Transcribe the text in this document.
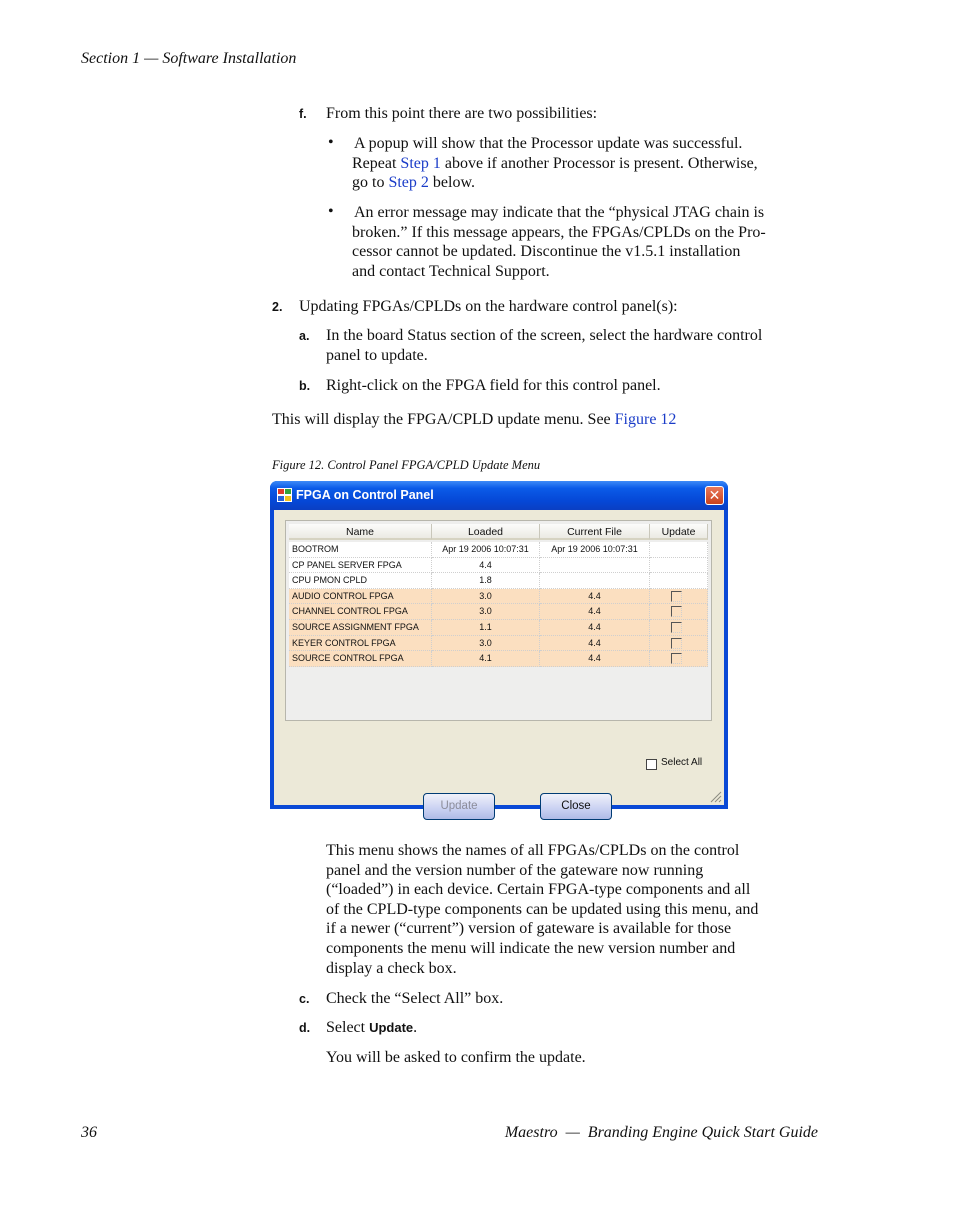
Section 1 — Software Installation
f. From this point there are two possibilities:
• A popup will show that the Processor update was successful.
Repeat Step 1 above if another Processor is present. Otherwise,
go to Step 2 below.
• An error message may indicate that the “physical JTAG chain is
broken.” If this message appears, the FPGAs/CPLDs on the Pro-
cessor cannot be updated. Discontinue the v1.5.1 installation
and contact Technical Support.
2. Updating FPGAs/CPLDs on the hardware control panel(s):
a. In the board Status section of the screen, select the hardware control
panel to update.
b. Right-click on the FPGA field for this control panel.
This will display the FPGA/CPLD update menu. See Figure 12
Figure 12. Control Panel FPGA/CPLD Update Menu
FPGA on Control Panel	✕
Name	Loaded	Current File	Update
BOOTROM	Apr 19 2006 10:07:31	Apr 19 2006 10:07:31
CP PANEL SERVER FPGA	4.4
CPU PMON CPLD	1.8
AUDIO CONTROL FPGA	3.0	4.4
CHANNEL CONTROL FPGA	3.0	4.4
SOURCE ASSIGNMENT FPGA	1.1	4.4
KEYER CONTROL FPGA	3.0	4.4
SOURCE CONTROL FPGA	4.1	4.4
Select All
Update	Close
This menu shows the names of all FPGAs/CPLDs on the control
panel and the version number of the gateware now running
(“loaded”) in each device. Certain FPGA-type components and all
of the CPLD-type components can be updated using this menu, and
if a newer (“current”) version of gateware is available for those
components the menu will indicate the new version number and
display a check box.
c. Check the “Select All” box.
d. Select Update.
You will be asked to confirm the update.
36	Maestro  —  Branding Engine Quick Start Guide
